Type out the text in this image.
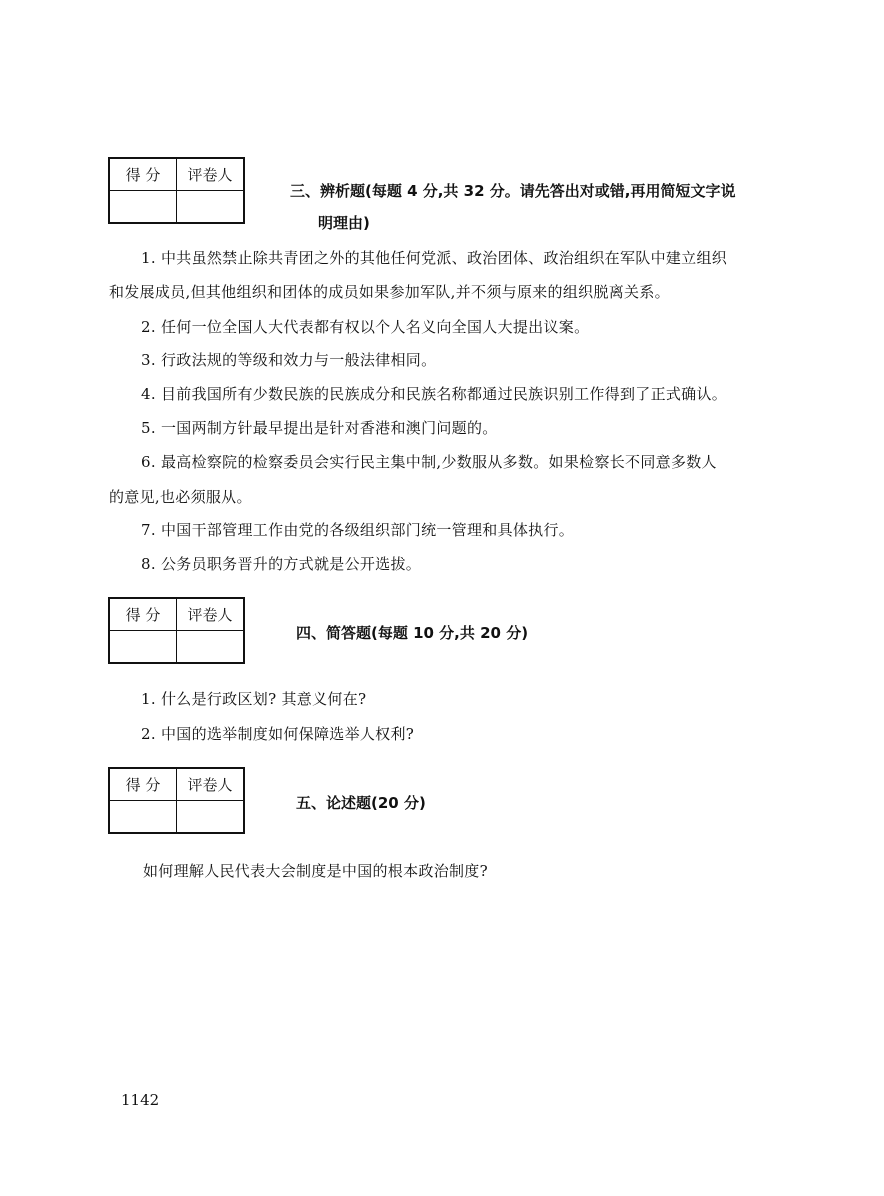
得 分	评卷人

三、辨析题(每题 4 分,共 32 分。请先答出对或错,再用简短文字说
明理由)
1. 中共虽然禁止除共青团之外的其他任何党派、政治团体、政治组织在军队中建立组织
和发展成员,但其他组织和团体的成员如果参加军队,并不须与原来的组织脱离关系。
2. 任何一位全国人大代表都有权以个人名义向全国人大提出议案。
3. 行政法规的等级和效力与一般法律相同。
4. 目前我国所有少数民族的民族成分和民族名称都通过民族识别工作得到了正式确认。
5. 一国两制方针最早提出是针对香港和澳门问题的。
6. 最高检察院的检察委员会实行民主集中制,少数服从多数。如果检察长不同意多数人
的意见,也必须服从。
7. 中国干部管理工作由党的各级组织部门统一管理和具体执行。
8. 公务员职务晋升的方式就是公开选拔。
得 分	评卷人

四、简答题(每题 10 分,共 20 分)
1. 什么是行政区划? 其意义何在?
2. 中国的选举制度如何保障选举人权利?
得 分	评卷人

五、论述题(20 分)
如何理解人民代表大会制度是中国的根本政治制度?
1142
